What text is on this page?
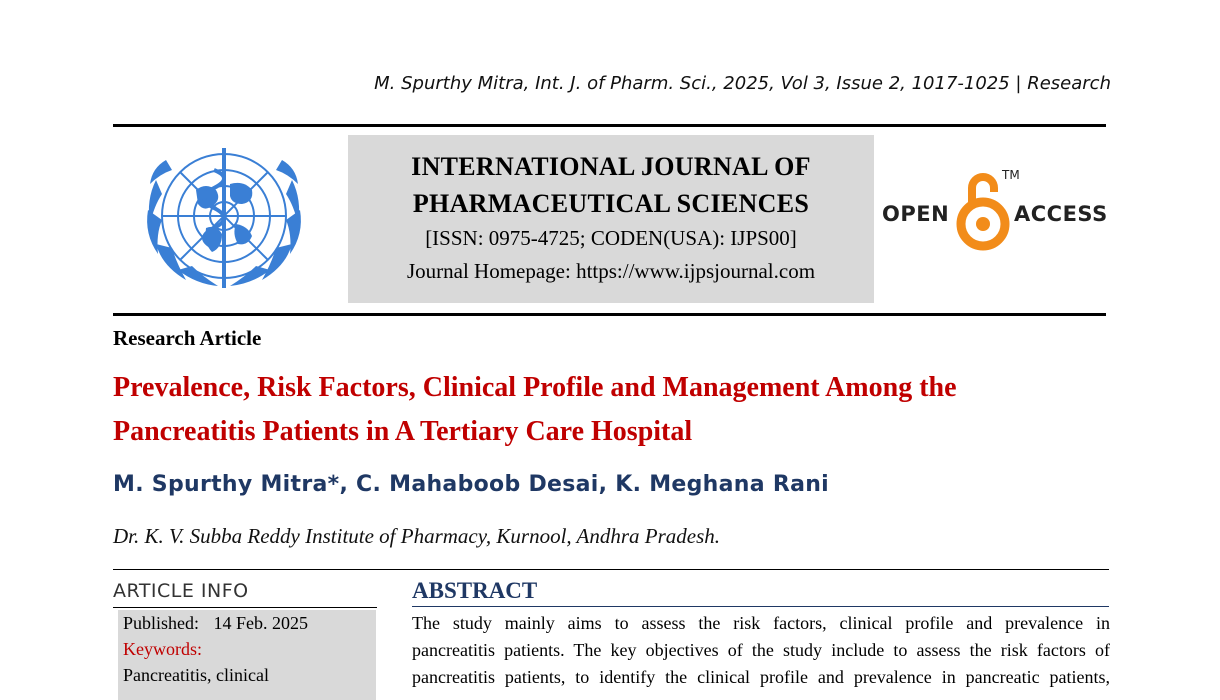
M. Spurthy Mitra, Int. J. of Pharm. Sci., 2025, Vol 3, Issue 2, 1017-1025 | Research
INTERNATIONAL JOURNAL OF
PHARMACEUTICAL SCIENCES
[ISSN: 0975-4725; CODEN(USA): IJPS00]
Journal Homepage: https://www.ijpsjournal.com
OPEN	ACCESS
TM
Research Article
Prevalence, Risk Factors, Clinical Profile and Management Among the
Pancreatitis Patients in A Tertiary Care Hospital
M. Spurthy Mitra*, C. Mahaboob Desai, K. Meghana Rani
Dr. K. V. Subba Reddy Institute of Pharmacy, Kurnool, Andhra Pradesh.
ARTICLE INFO
Published: 14 Feb. 2025
Keywords:
Pancreatitis, clinical
ABSTRACT
The study mainly aims to assess the risk factors, clinical profile and prevalence in
pancreatitis patients. The key objectives of the study include to assess the risk factors of
pancreatitis patients, to identify the clinical profile and prevalence in pancreatic patients,
